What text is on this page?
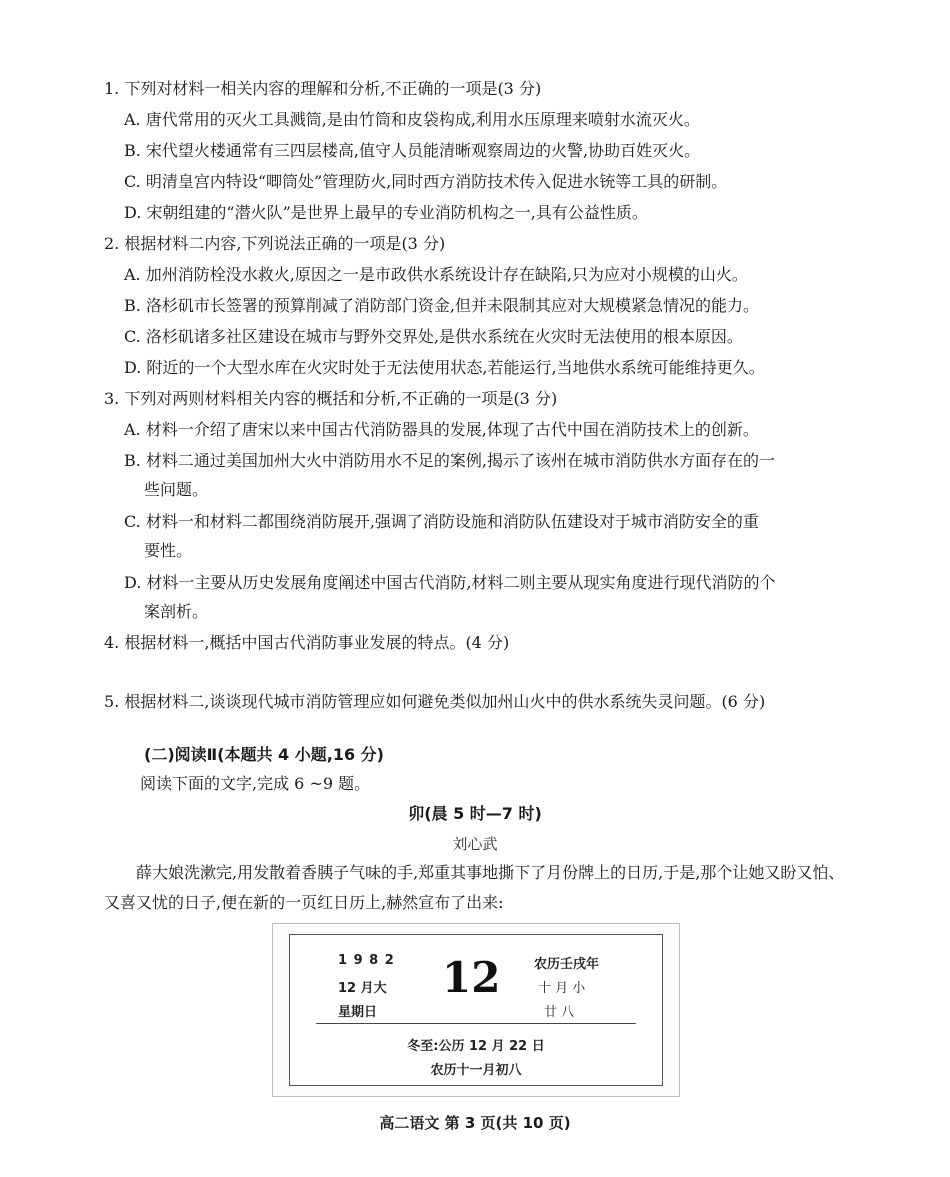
1. 下列对材料一相关内容的理解和分析,不正确的一项是(3 分)
A. 唐代常用的灭火工具溅筒,是由竹筒和皮袋构成,利用水压原理来喷射水流灭火。
B. 宋代望火楼通常有三四层楼高,值守人员能清晰观察周边的火警,协助百姓灭火。
C. 明清皇宫内特设“唧筒处”管理防火,同时西方消防技术传入促进水铳等工具的研制。
D. 宋朝组建的“潜火队”是世界上最早的专业消防机构之一,具有公益性质。
2. 根据材料二内容,下列说法正确的一项是(3 分)
A. 加州消防栓没水救火,原因之一是市政供水系统设计存在缺陷,只为应对小规模的山火。
B. 洛杉矶市长签署的预算削减了消防部门资金,但并未限制其应对大规模紧急情况的能力。
C. 洛杉矶诸多社区建设在城市与野外交界处,是供水系统在火灾时无法使用的根本原因。
D. 附近的一个大型水库在火灾时处于无法使用状态,若能运行,当地供水系统可能维持更久。
3. 下列对两则材料相关内容的概括和分析,不正确的一项是(3 分)
A. 材料一介绍了唐宋以来中国古代消防器具的发展,体现了古代中国在消防技术上的创新。
B. 材料二通过美国加州大火中消防用水不足的案例,揭示了该州在城市消防供水方面存在的一
些问题。
C. 材料一和材料二都围绕消防展开,强调了消防设施和消防队伍建设对于城市消防安全的重
要性。
D. 材料一主要从历史发展角度阐述中国古代消防,材料二则主要从现实角度进行现代消防的个
案剖析。
4. 根据材料一,概括中国古代消防事业发展的特点。(4 分)
5. 根据材料二,谈谈现代城市消防管理应如何避免类似加州山火中的供水系统失灵问题。(6 分)
(二)阅读Ⅱ(本题共 4 小题,16 分)
阅读下面的文字,完成 6 ~9 题。
卯(晨 5 时—7 时)
刘心武
薛大娘洗漱完,用发散着香胰子气味的手,郑重其事地撕下了月份牌上的日历,于是,那个让她又盼又怕、又喜又忧的日子,便在新的一页红日历上,赫然宣布了出来:
1 9 8 2
12 月大
星期日
12	农历壬戌年
十 月 小
廿 八
冬至:公历 12 月 22 日
农历十一月初八
高二语文 第 3 页(共 10 页)
